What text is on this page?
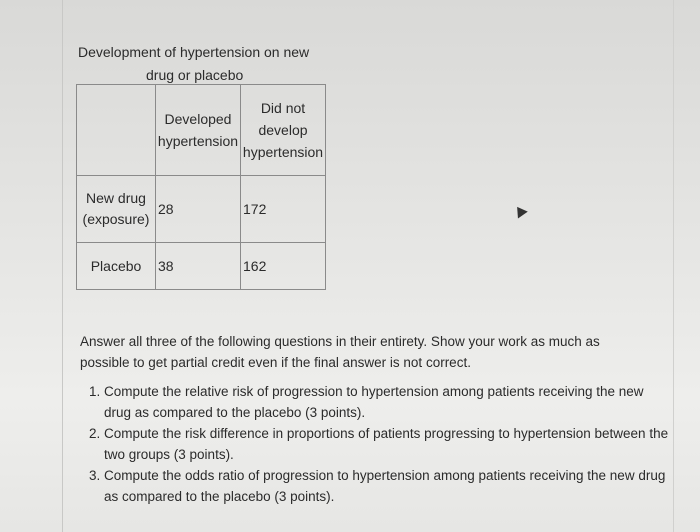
Development of hypertension on new
drug or placebo
	Developed hypertension	Did not develop hypertension
New drug (exposure)	28	172
Placebo	38	162
Answer all three of the following questions in their entirety. Show your work as much as possible to get partial credit even if the final answer is not correct.
1. Compute the relative risk of progression to hypertension among patients receiving the new drug as compared to the placebo (3 points).
2. Compute the risk difference in proportions of patients progressing to hypertension between the two groups (3 points).
3. Compute the odds ratio of progression to hypertension among patients receiving the new drug as compared to the placebo (3 points).
